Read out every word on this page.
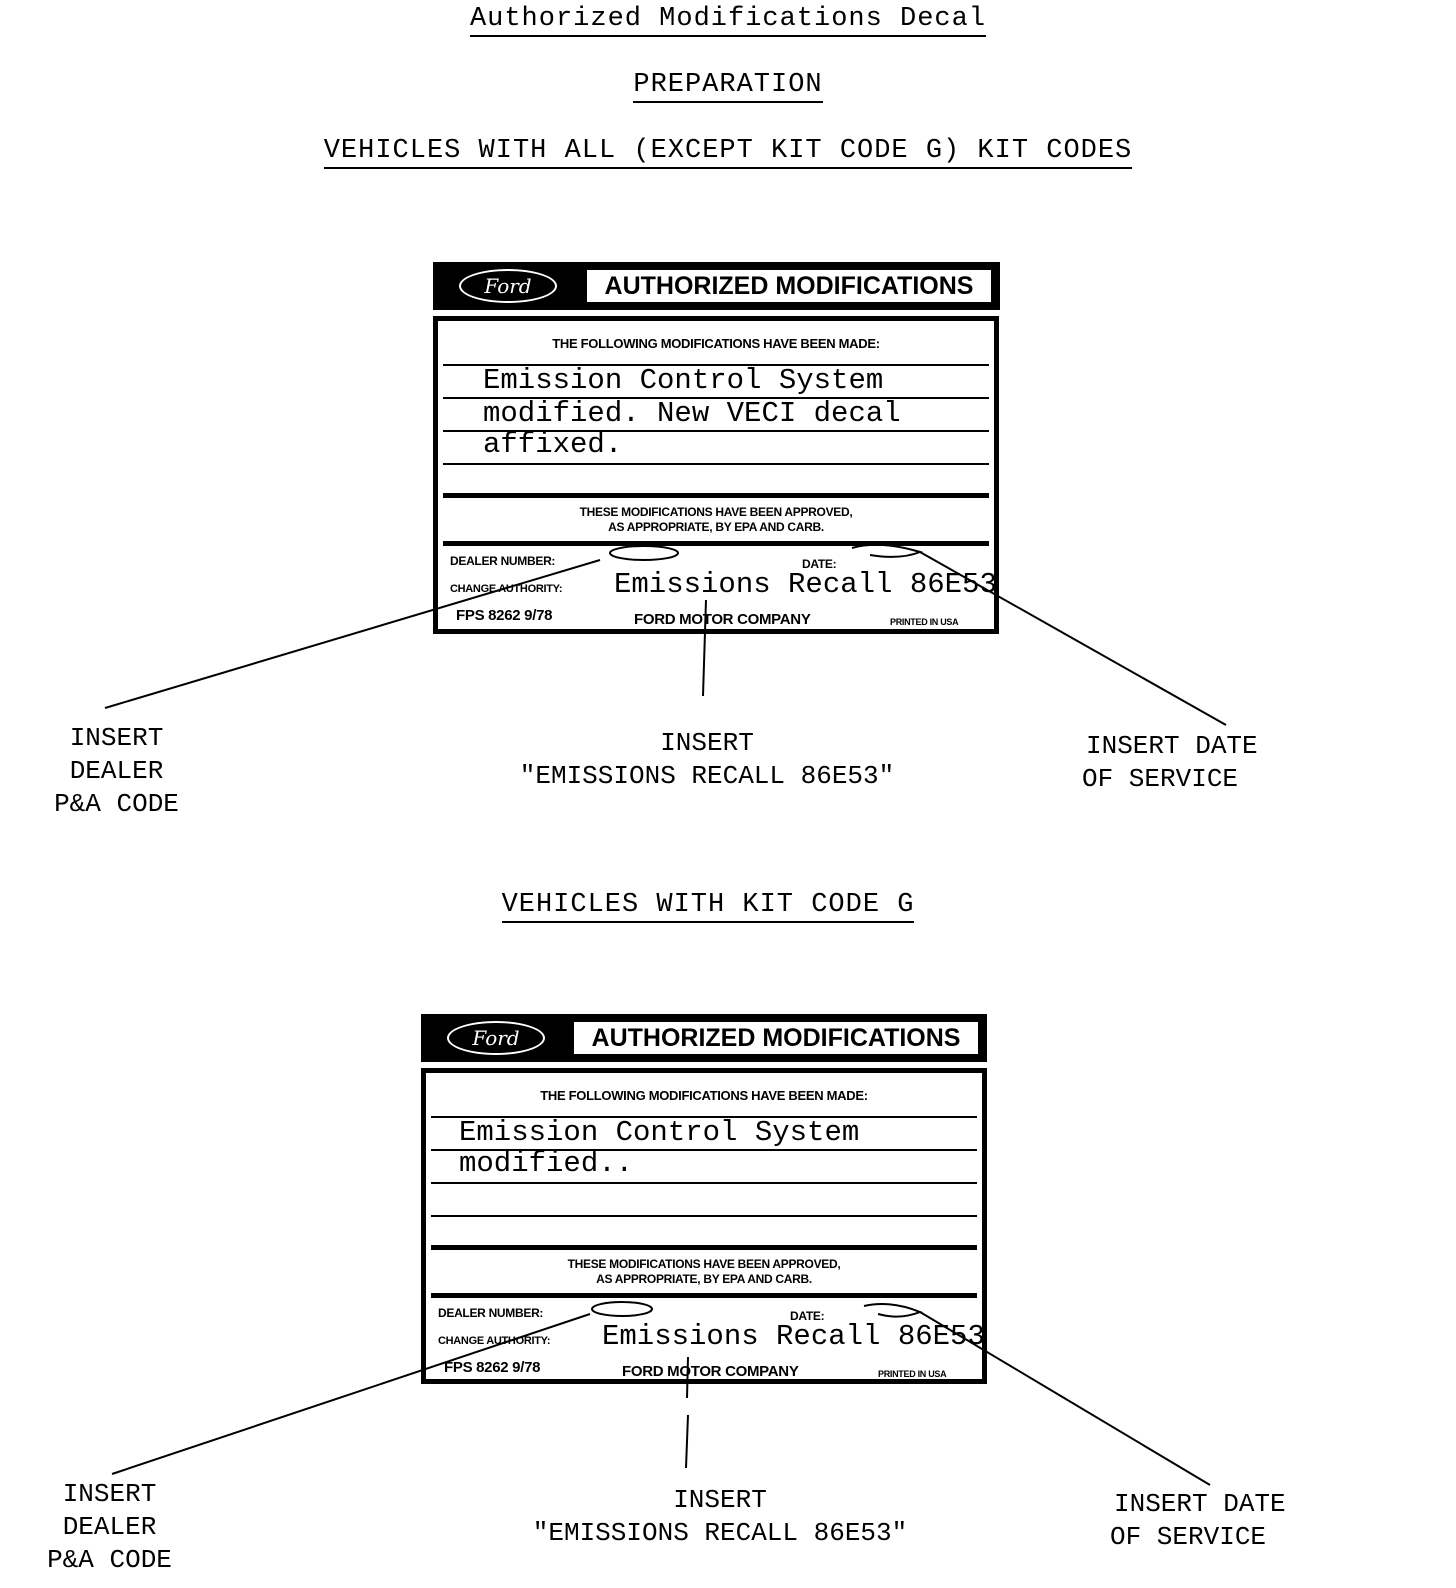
Authorized Modifications Decal
PREPARATION
VEHICLES WITH ALL (EXCEPT KIT CODE G) KIT CODES
VEHICLES WITH KIT CODE G
Ford	AUTHORIZED MODIFICATIONS
THE FOLLOWING MODIFICATIONS HAVE BEEN MADE:
Emission Control System
modified. New VECI decal
affixed.
THESE MODIFICATIONS HAVE BEEN APPROVED,
AS APPROPRIATE, BY EPA AND CARB.
DEALER NUMBER:	DATE:
CHANGE AUTHORITY: Emissions Recall 86E53
FPS 8262 9/78	FORD MOTOR COMPANY	PRINTED IN USA
Ford	AUTHORIZED MODIFICATIONS
THE FOLLOWING MODIFICATIONS HAVE BEEN MADE:
Emission Control System
modified..
THESE MODIFICATIONS HAVE BEEN APPROVED,
AS APPROPRIATE, BY EPA AND CARB.
DEALER NUMBER:	DATE:
CHANGE AUTHORITY: Emissions Recall 86E53
FPS 8262 9/78	FORD MOTOR COMPANY	PRINTED IN USA
INSERT
DEALER
P&A CODE
INSERT
"EMISSIONS RECALL 86E53"
INSERT DATE
OF SERVICE
INSERT
DEALER
P&A CODE
INSERT
"EMISSIONS RECALL 86E53"
INSERT DATE
OF SERVICE
